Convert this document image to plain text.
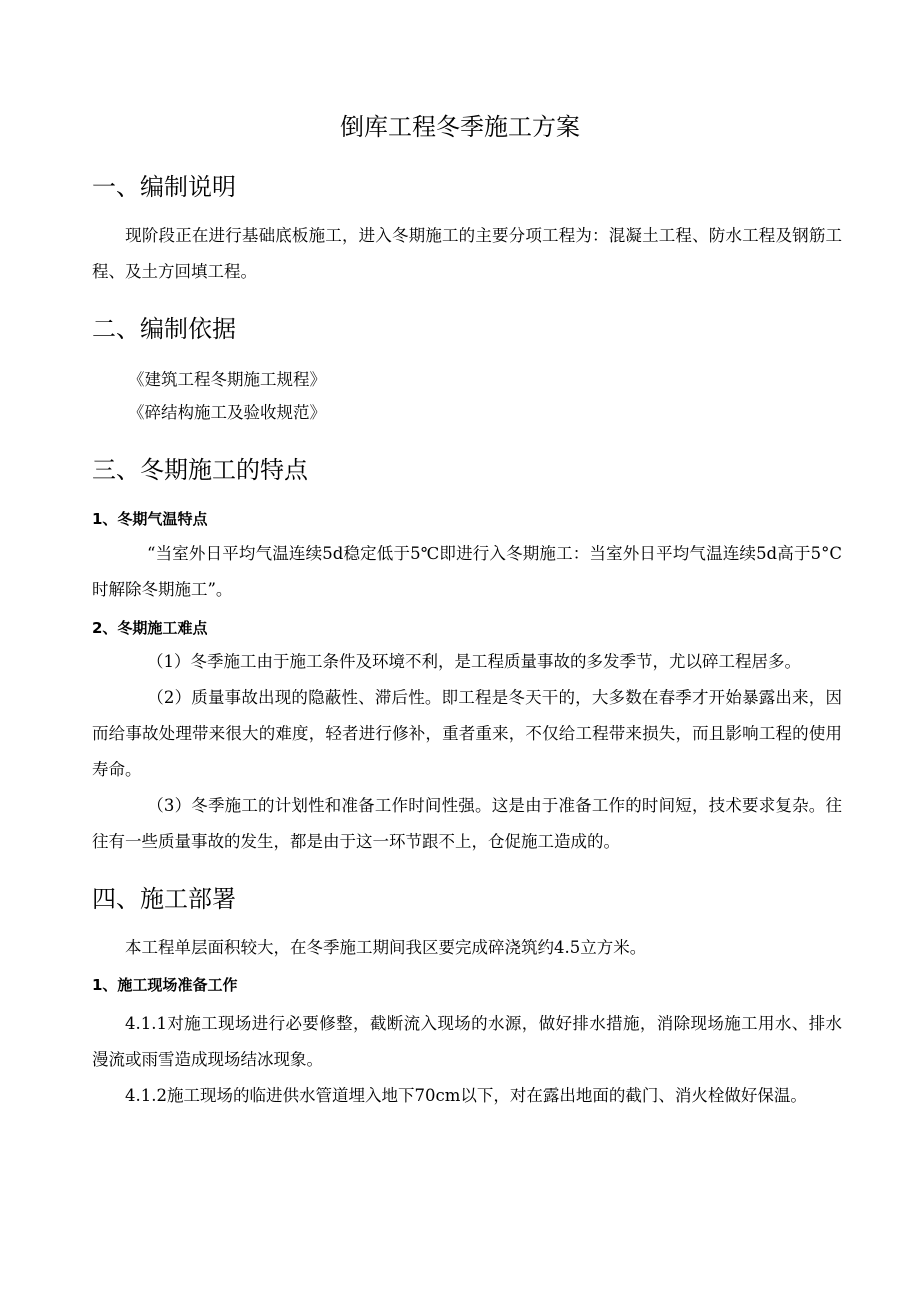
倒库工程冬季施工方案
一、编制说明
现阶段正在进行基础底板施工，进入冬期施工的主要分项工程为：混凝土工程、防水工程及钢筋工程、及土方回填工程。
二、编制依据
《建筑工程冬期施工规程》
《碎结构施工及验收规范》
三、冬期施工的特点
1、冬期气温特点
“当室外日平均气温连续5d稳定低于5℃即进行入冬期施工：当室外日平均气温连续5d高于5°C时解除冬期施工”。
2、冬期施工难点
（1）冬季施工由于施工条件及环境不利，是工程质量事故的多发季节，尤以碎工程居多。
（2）质量事故出现的隐蔽性、滞后性。即工程是冬天干的，大多数在春季才开始暴露出来，因而给事故处理带来很大的难度，轻者进行修补，重者重来，不仅给工程带来损失，而且影响工程的使用寿命。
（3）冬季施工的计划性和准备工作时间性强。这是由于准备工作的时间短，技术要求复杂。往往有一些质量事故的发生，都是由于这一环节跟不上，仓促施工造成的。
四、施工部署
本工程单层面积较大，在冬季施工期间我区要完成碎浇筑约4.5立方米。
1、施工现场准备工作
4.1.1对施工现场进行必要修整，截断流入现场的水源，做好排水措施，消除现场施工用水、排水漫流或雨雪造成现场结冰现象。
4.1.2施工现场的临进供水管道埋入地下70cm以下，对在露出地面的截门、消火栓做好保温。
